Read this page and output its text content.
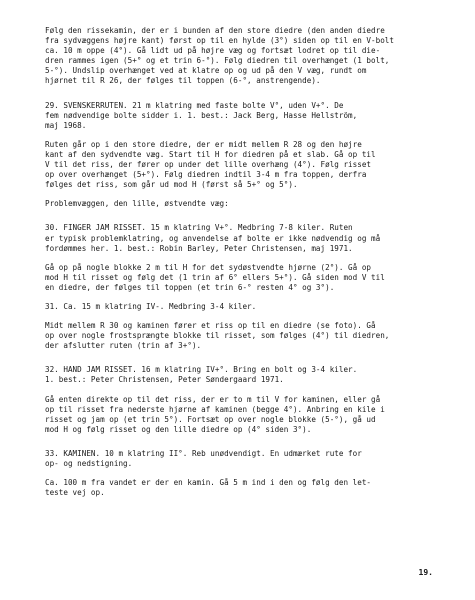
Følg den rissekamin, der er i bunden af den store diedre (den anden diedre
fra sydvæggens højre kant) først op til en hylde (3°) siden op til en V-bolt
ca. 10 m oppe (4°). Gå lidt ud på højre væg og fortsæt lodret op til die-
dren rammes igen (5+° og et trin 6-°). Følg diedren til overhænget (1 bolt,
5-°). Undslip overhænget ved at klatre op og ud på den V væg, rundt om
hjørnet til R 26, der følges til toppen (6-°, anstrengende).

29. SVENSKERRUTEN. 21 m klatring med faste bolte V°, uden V+°. De
fem nødvendige bolte sidder i. 1. best.: Jack Berg, Hasse Hellström,
maj 1968.

Ruten går op i den store diedre, der er midt mellem R 28 og den højre
kant af den sydvendte væg. Start til H for diedren på et slab. Gå op til
V til det riss, der fører op under det lille overhæng (4°). Følg risset
op over overhænget (5+°). Følg diedren indtil 3-4 m fra toppen, derfra
følges det riss, som går ud mod H (først så 5+° og 5°).

Problemvæggen, den lille, østvendte væg:

30. FINGER JAM RISSET. 15 m klatring V+°. Medbring 7-8 kiler. Ruten
er typisk problemklatring, og anvendelse af bolte er ikke nødvendig og må
fordømmes her. 1. best.: Robin Barley, Peter Christensen, maj 1971.

Gå op på nogle blokke 2 m til H for det sydøstvendte hjørne (2°). Gå op
mod H til risset og følg det (1 trin af 6° ellers 5+°). Gå siden mod V til
en diedre, der følges til toppen (et trin 6-° resten 4° og 3°).

31. Ca. 15 m klatring IV-. Medbring 3-4 kiler.

Midt mellem R 30 og kaminen fører et riss op til en diedre (se foto). Gå
op over nogle frostsprængte blokke til risset, som følges (4°) til diedren,
der afslutter ruten (trin af 3+°).

32. HAND JAM RISSET. 16 m klatring IV+°. Bring en bolt og 3-4 kiler.
1. best.: Peter Christensen, Peter Søndergaard 1971.

Gå enten direkte op til det riss, der er to m til V for kaminen, eller gå
op til risset fra nederste hjørne af kaminen (begge 4°). Anbring en kile i
risset og jam op (et trin 5°). Fortsæt op over nogle blokke (5-°), gå ud
mod H og følg risset og den lille diedre op (4° siden 3°).

33. KAMINEN. 10 m klatring II°. Reb unødvendigt. En udmærket rute for
op- og nedstigning.

Ca. 100 m fra vandet er der en kamin. Gå 5 m ind i den og følg den let-
teste vej op.

19.
